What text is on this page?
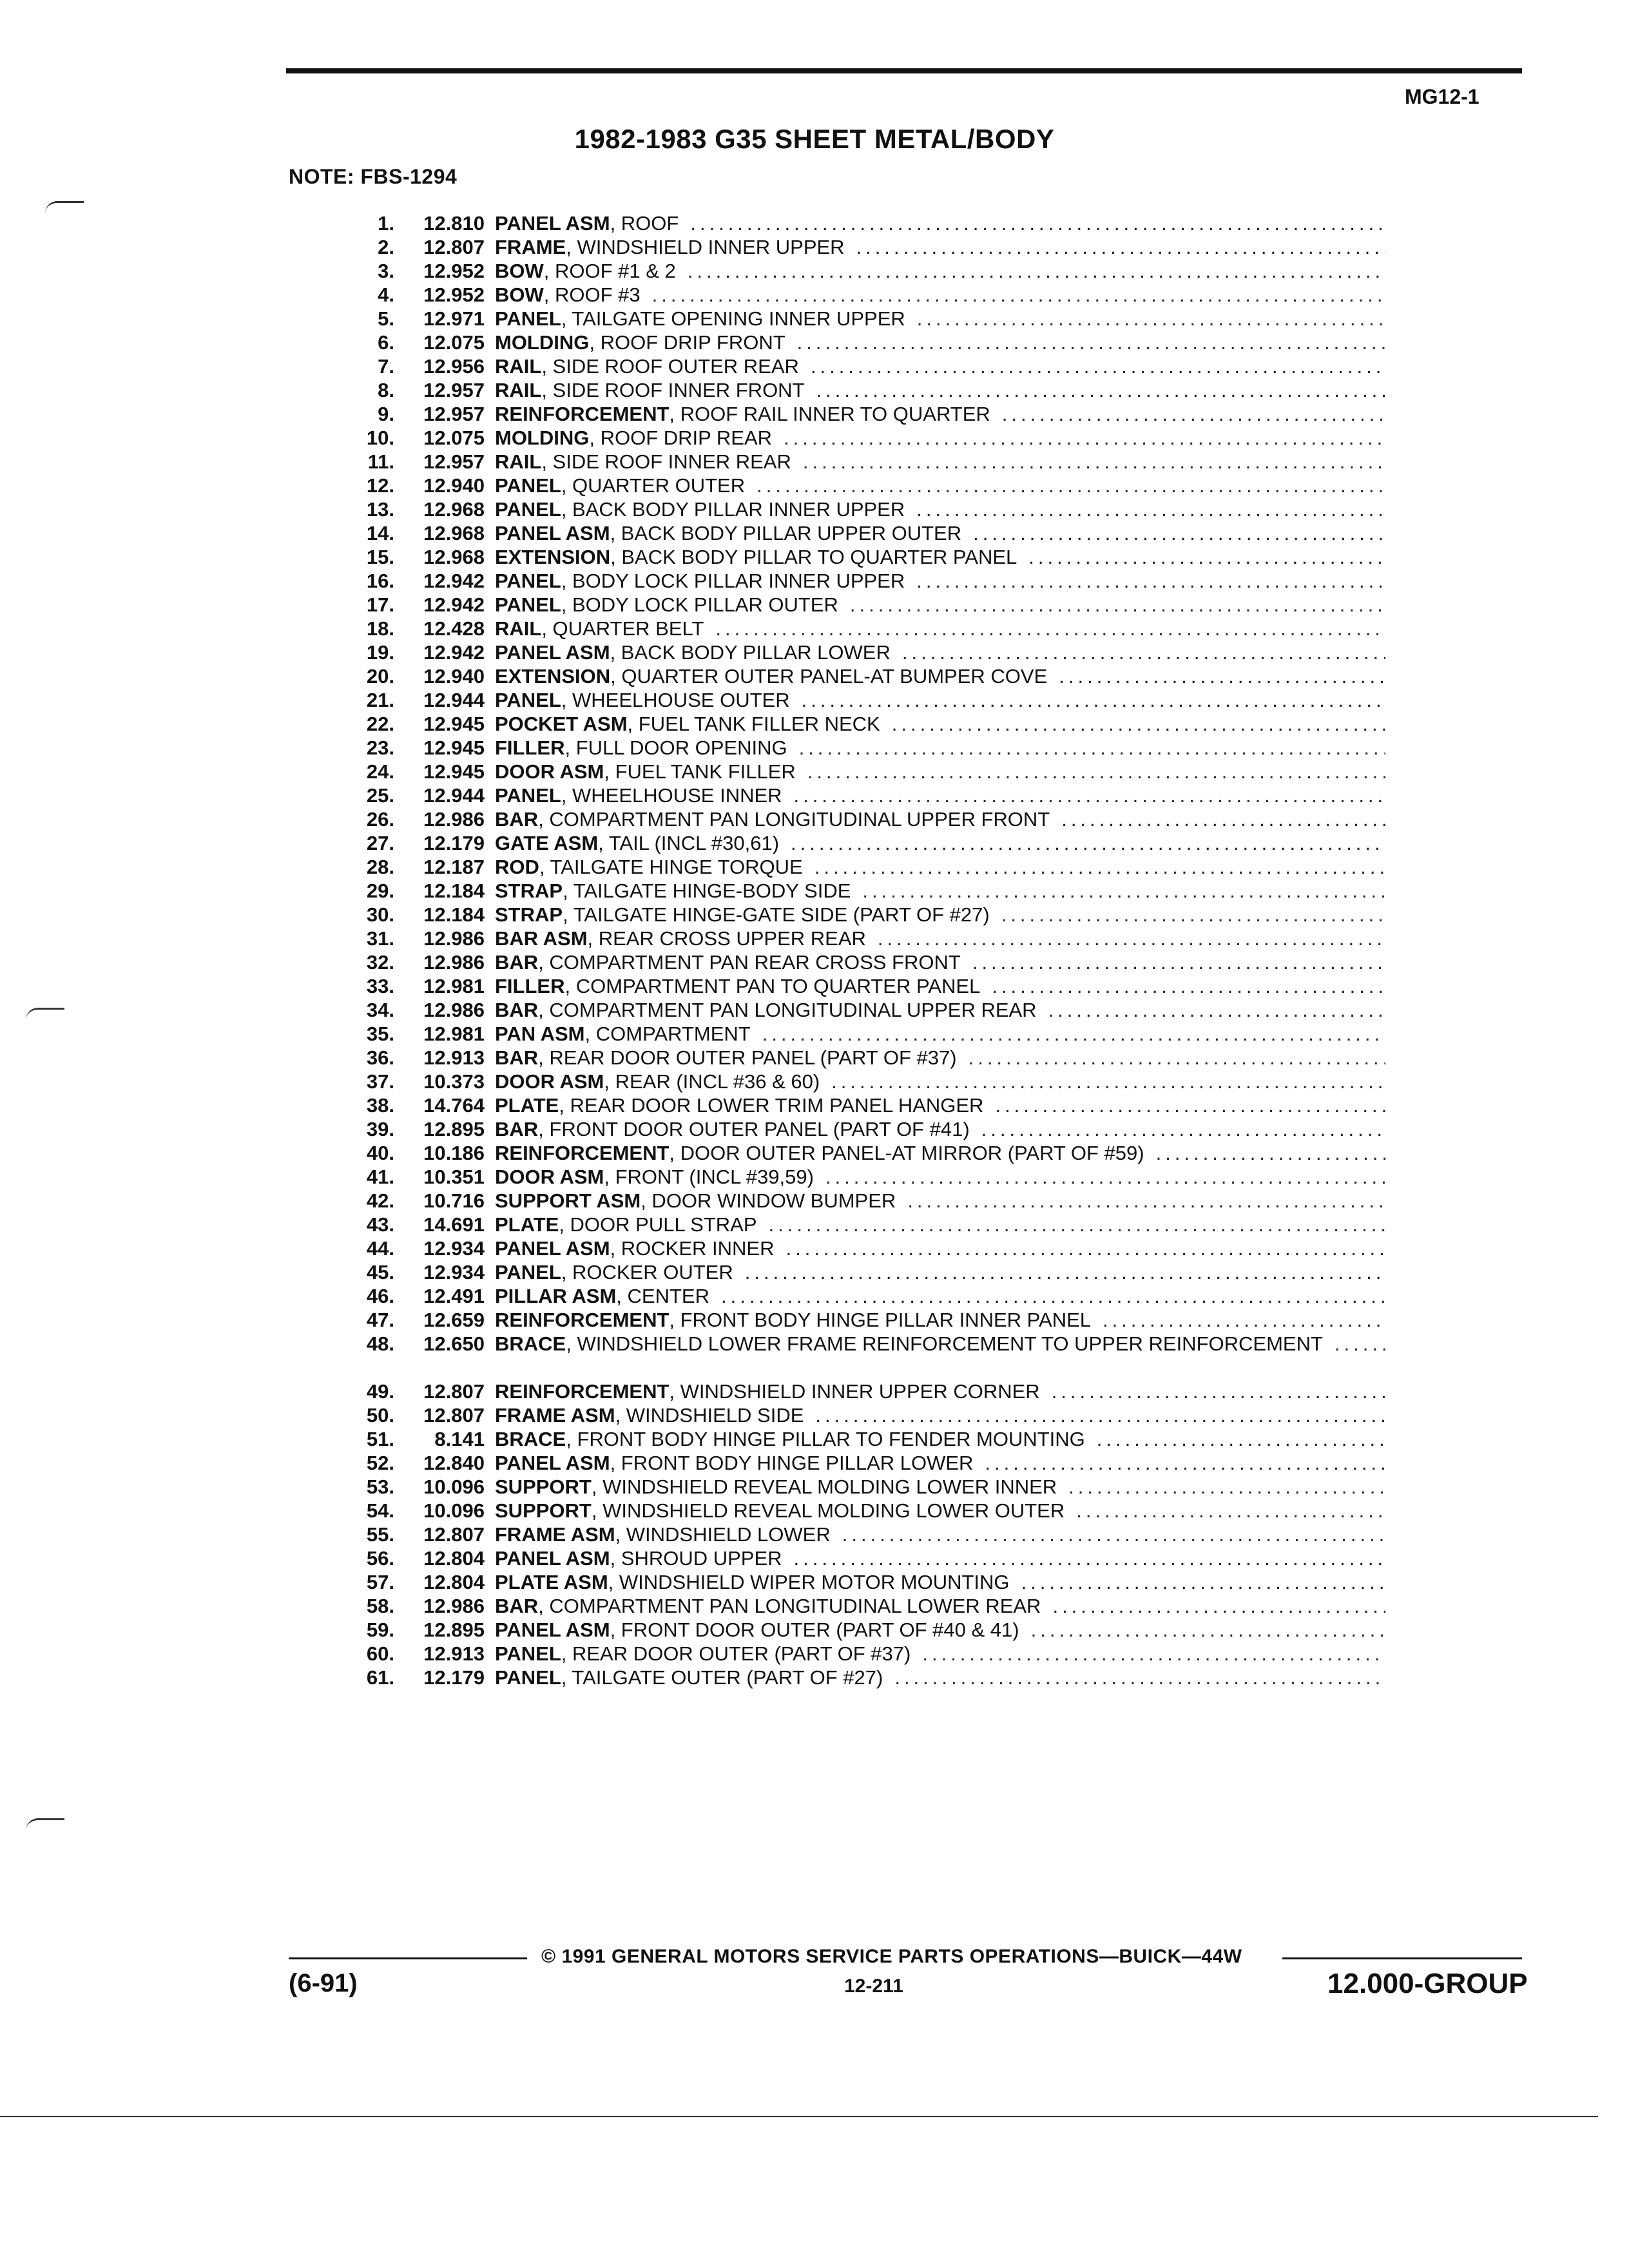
MG12-1
1982-1983 G35 SHEET METAL/BODY
NOTE: FBS-1294
1.	12.810 PANEL ASM, ROOF
.....
2.	12.807 FRAME, WINDSHIELD INNER UPPER
.....
3.	12.952 BOW, ROOF #1 & 2
.....
4.	12.952 BOW, ROOF #3
.....
5.	12.971 PANEL, TAILGATE OPENING INNER UPPER
.....
6.	12.075 MOLDING, ROOF DRIP FRONT
.....
7.	12.956 RAIL, SIDE ROOF OUTER REAR
.....
8.	12.957 RAIL, SIDE ROOF INNER FRONT
.....
9.	12.957 REINFORCEMENT, ROOF RAIL INNER TO QUARTER
.....
10.	12.075 MOLDING, ROOF DRIP REAR
.....
11.	12.957 RAIL, SIDE ROOF INNER REAR
.....
12.	12.940 PANEL, QUARTER OUTER
.....
13.	12.968 PANEL, BACK BODY PILLAR INNER UPPER
.....
14.	12.968 PANEL ASM, BACK BODY PILLAR UPPER OUTER
.....
15.	12.968 EXTENSION, BACK BODY PILLAR TO QUARTER PANEL
.....
16.	12.942 PANEL, BODY LOCK PILLAR INNER UPPER
.....
17.	12.942 PANEL, BODY LOCK PILLAR OUTER
.....
18.	12.428 RAIL, QUARTER BELT
.....
19.	12.942 PANEL ASM, BACK BODY PILLAR LOWER
.....
20.	12.940 EXTENSION, QUARTER OUTER PANEL-AT BUMPER COVE
.....
21.	12.944 PANEL, WHEELHOUSE OUTER
.....
22.	12.945 POCKET ASM, FUEL TANK FILLER NECK
.....
23.	12.945 FILLER, FULL DOOR OPENING
.....
24.	12.945 DOOR ASM, FUEL TANK FILLER
.....
25.	12.944 PANEL, WHEELHOUSE INNER
.....
26.	12.986 BAR, COMPARTMENT PAN LONGITUDINAL UPPER FRONT
.....
27.	12.179 GATE ASM, TAIL (INCL #30,61)
.....
28.	12.187 ROD, TAILGATE HINGE TORQUE
.....
29.	12.184 STRAP, TAILGATE HINGE-BODY SIDE
.....
30.	12.184 STRAP, TAILGATE HINGE-GATE SIDE (PART OF #27)
.....
31.	12.986 BAR ASM, REAR CROSS UPPER REAR
.....
32.	12.986 BAR, COMPARTMENT PAN REAR CROSS FRONT
.....
33.	12.981 FILLER, COMPARTMENT PAN TO QUARTER PANEL
.....
34.	12.986 BAR, COMPARTMENT PAN LONGITUDINAL UPPER REAR
.....
35.	12.981 PAN ASM, COMPARTMENT
.....
36.	12.913 BAR, REAR DOOR OUTER PANEL (PART OF #37)
.....
37.	10.373 DOOR ASM, REAR (INCL #36 & 60)
.....
38.	14.764 PLATE, REAR DOOR LOWER TRIM PANEL HANGER
.....
39.	12.895 BAR, FRONT DOOR OUTER PANEL (PART OF #41)
.....
40.	10.186 REINFORCEMENT, DOOR OUTER PANEL-AT MIRROR (PART OF #59)
.....
41.	10.351 DOOR ASM, FRONT (INCL #39,59)
.....
42.	10.716 SUPPORT ASM, DOOR WINDOW BUMPER
.....
43.	14.691 PLATE, DOOR PULL STRAP
.....
44.	12.934 PANEL ASM, ROCKER INNER
.....
45.	12.934 PANEL, ROCKER OUTER
.....
46.	12.491 PILLAR ASM, CENTER
.....
47.	12.659 REINFORCEMENT, FRONT BODY HINGE PILLAR INNER PANEL
.....
48.	12.650 BRACE, WINDSHIELD LOWER FRAME REINFORCEMENT TO UPPER REINFORCEMENT
.....
49.	12.807 REINFORCEMENT, WINDSHIELD INNER UPPER CORNER
.....
50.	12.807 FRAME ASM, WINDSHIELD SIDE
.....
51.	8.141 BRACE, FRONT BODY HINGE PILLAR TO FENDER MOUNTING
.....
52.	12.840 PANEL ASM, FRONT BODY HINGE PILLAR LOWER
.....
53.	10.096 SUPPORT, WINDSHIELD REVEAL MOLDING LOWER INNER
.....
54.	10.096 SUPPORT, WINDSHIELD REVEAL MOLDING LOWER OUTER
.....
55.	12.807 FRAME ASM, WINDSHIELD LOWER
.....
56.	12.804 PANEL ASM, SHROUD UPPER
.....
57.	12.804 PLATE ASM, WINDSHIELD WIPER MOTOR MOUNTING
.....
58.	12.986 BAR, COMPARTMENT PAN LONGITUDINAL LOWER REAR
.....
59.	12.895 PANEL ASM, FRONT DOOR OUTER (PART OF #40 & 41)
.....
60.	12.913 PANEL, REAR DOOR OUTER (PART OF #37)
.....
61.	12.179 PANEL, TAILGATE OUTER (PART OF #27)
.....
© 1991 GENERAL MOTORS SERVICE PARTS OPERATIONS—BUICK—44W
(6-91)	12-211	12.000-GROUP
